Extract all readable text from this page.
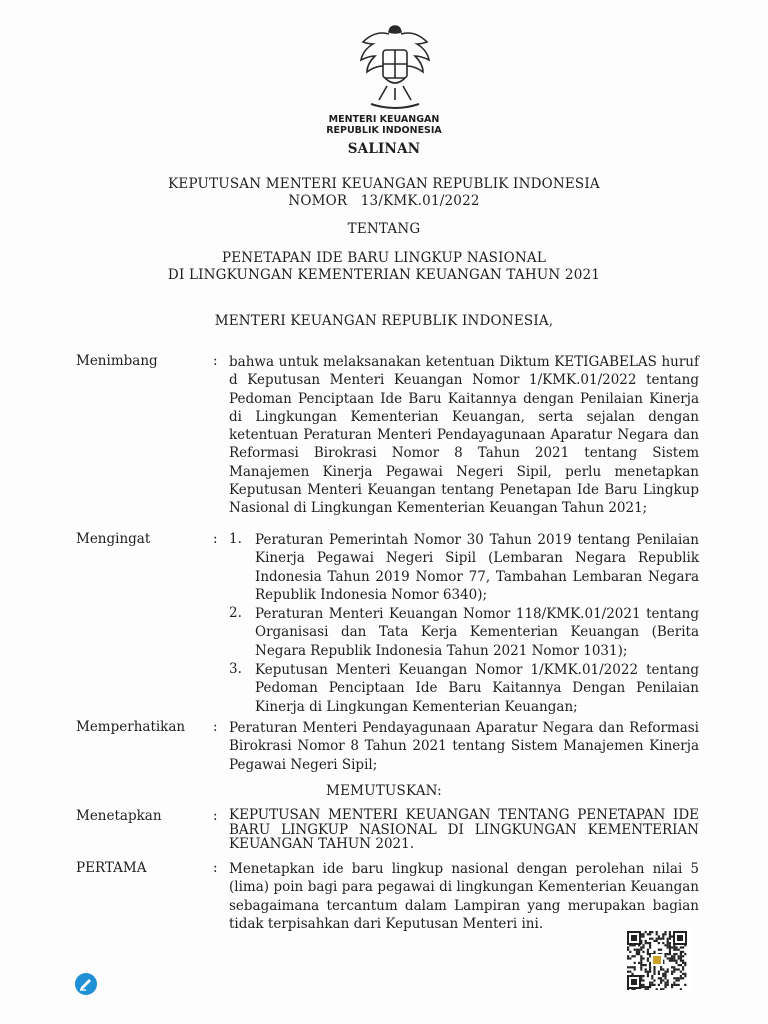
MENTERI KEUANGAN
REPUBLIK INDONESIA
SALINAN
KEPUTUSAN MENTERI KEUANGAN REPUBLIK INDONESIA
NOMOR   13/KMK.01/2022
TENTANG
PENETAPAN IDE BARU LINGKUP NASIONAL
DI LINGKUNGAN KEMENTERIAN KEUANGAN TAHUN 2021
MENTERI KEUANGAN REPUBLIK INDONESIA,
Menimbang	: bahwa untuk melaksanakan ketentuan Diktum KETIGABELAS huruf d Keputusan Menteri Keuangan Nomor 1/KMK.01/2022 tentang Pedoman Penciptaan Ide Baru Kaitannya dengan Penilaian Kinerja di Lingkungan Kementerian Keuangan, serta sejalan dengan ketentuan Peraturan Menteri Pendayagunaan Aparatur Negara dan Reformasi Birokrasi Nomor 8 Tahun 2021 tentang Sistem Manajemen Kinerja Pegawai Negeri Sipil, perlu menetapkan Keputusan Menteri Keuangan tentang Penetapan Ide Baru Lingkup Nasional di Lingkungan Kementerian Keuangan Tahun 2021;
Mengingat	: 1. Peraturan Pemerintah Nomor 30 Tahun 2019 tentang Penilaian Kinerja Pegawai Negeri Sipil (Lembaran Negara Republik Indonesia Tahun 2019 Nomor 77, Tambahan Lembaran Negara Republik Indonesia Nomor 6340);
2. Peraturan Menteri Keuangan Nomor 118/KMK.01/2021 tentang Organisasi dan Tata Kerja Kementerian Keuangan (Berita Negara Republik Indonesia Tahun 2021 Nomor 1031);
3. Keputusan Menteri Keuangan Nomor 1/KMK.01/2022 tentang Pedoman Penciptaan Ide Baru Kaitannya Dengan Penilaian Kinerja di Lingkungan Kementerian Keuangan;
Memperhatikan : Peraturan Menteri Pendayagunaan Aparatur Negara dan Reformasi Birokrasi Nomor 8 Tahun 2021 tentang Sistem Manajemen Kinerja Pegawai Negeri Sipil;
MEMUTUSKAN:
Menetapkan	: KEPUTUSAN MENTERI KEUANGAN TENTANG PENETAPAN IDE BARU LINGKUP NASIONAL DI LINGKUNGAN KEMENTERIAN KEUANGAN TAHUN 2021.
PERTAMA	: Menetapkan ide baru lingkup nasional dengan perolehan nilai 5 (lima) poin bagi para pegawai di lingkungan Kementerian Keuangan sebagaimana tercantum dalam Lampiran yang merupakan bagian tidak terpisahkan dari Keputusan Menteri ini.
